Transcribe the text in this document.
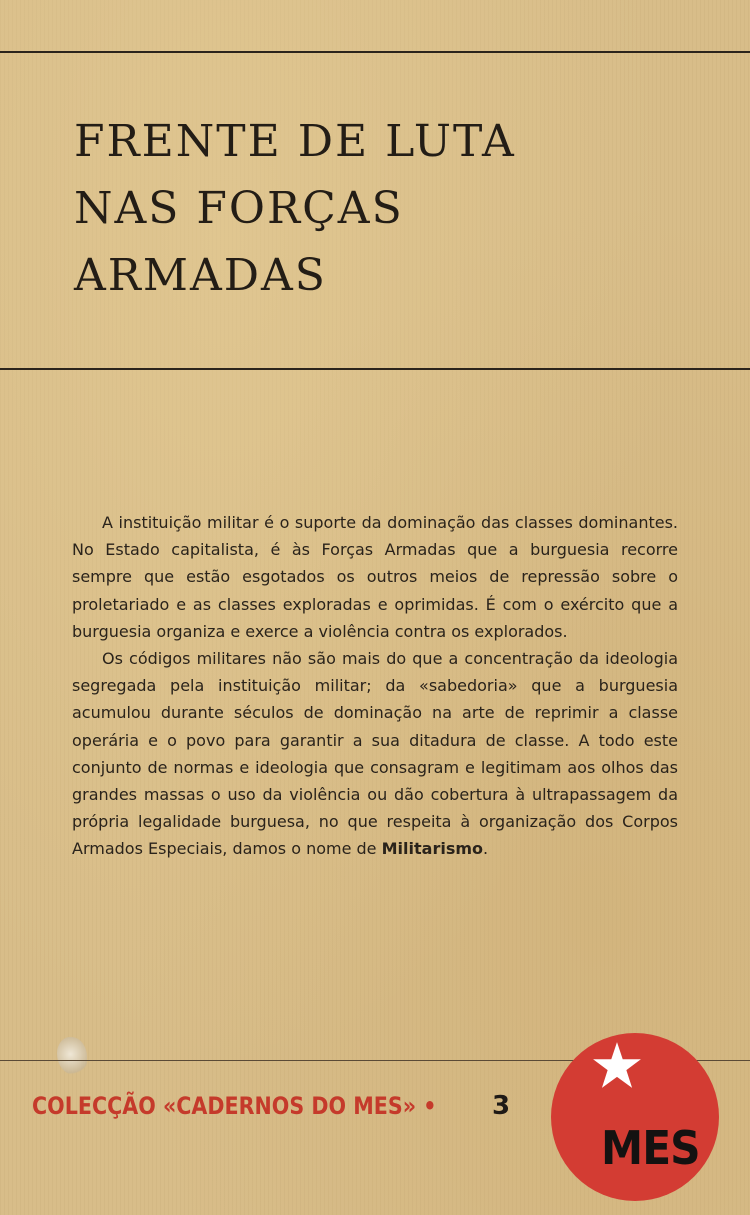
FRENTE DE LUTA
NAS FORÇAS
ARMADAS

A instituição militar é o suporte da dominação das classes dominantes. No Estado capitalista, é às Forças Armadas que a burguesia recorre sempre que estão esgotados os outros meios de repressão sobre o proletariado e as classes exploradas e oprimidas. É com o exército que a burguesia organiza e exerce a violência contra os explorados.

Os códigos militares não são mais do que a concentração da ideologia segregada pela instituição militar; da «sabedoria» que a burguesia acumulou durante séculos de dominação na arte de reprimir a classe operária e o povo para garantir a sua ditadura de classe. A todo este conjunto de normas e ideologia que consagram e legitimam aos olhos das grandes massas o uso da violência ou dão cobertura à ultrapassagem da própria legalidade burguesa, no que respeita à organização dos Corpos Armados Especiais, damos o nome de Militarismo.

COLECÇÃO «CADERNOS DO MES» • 3
MES
